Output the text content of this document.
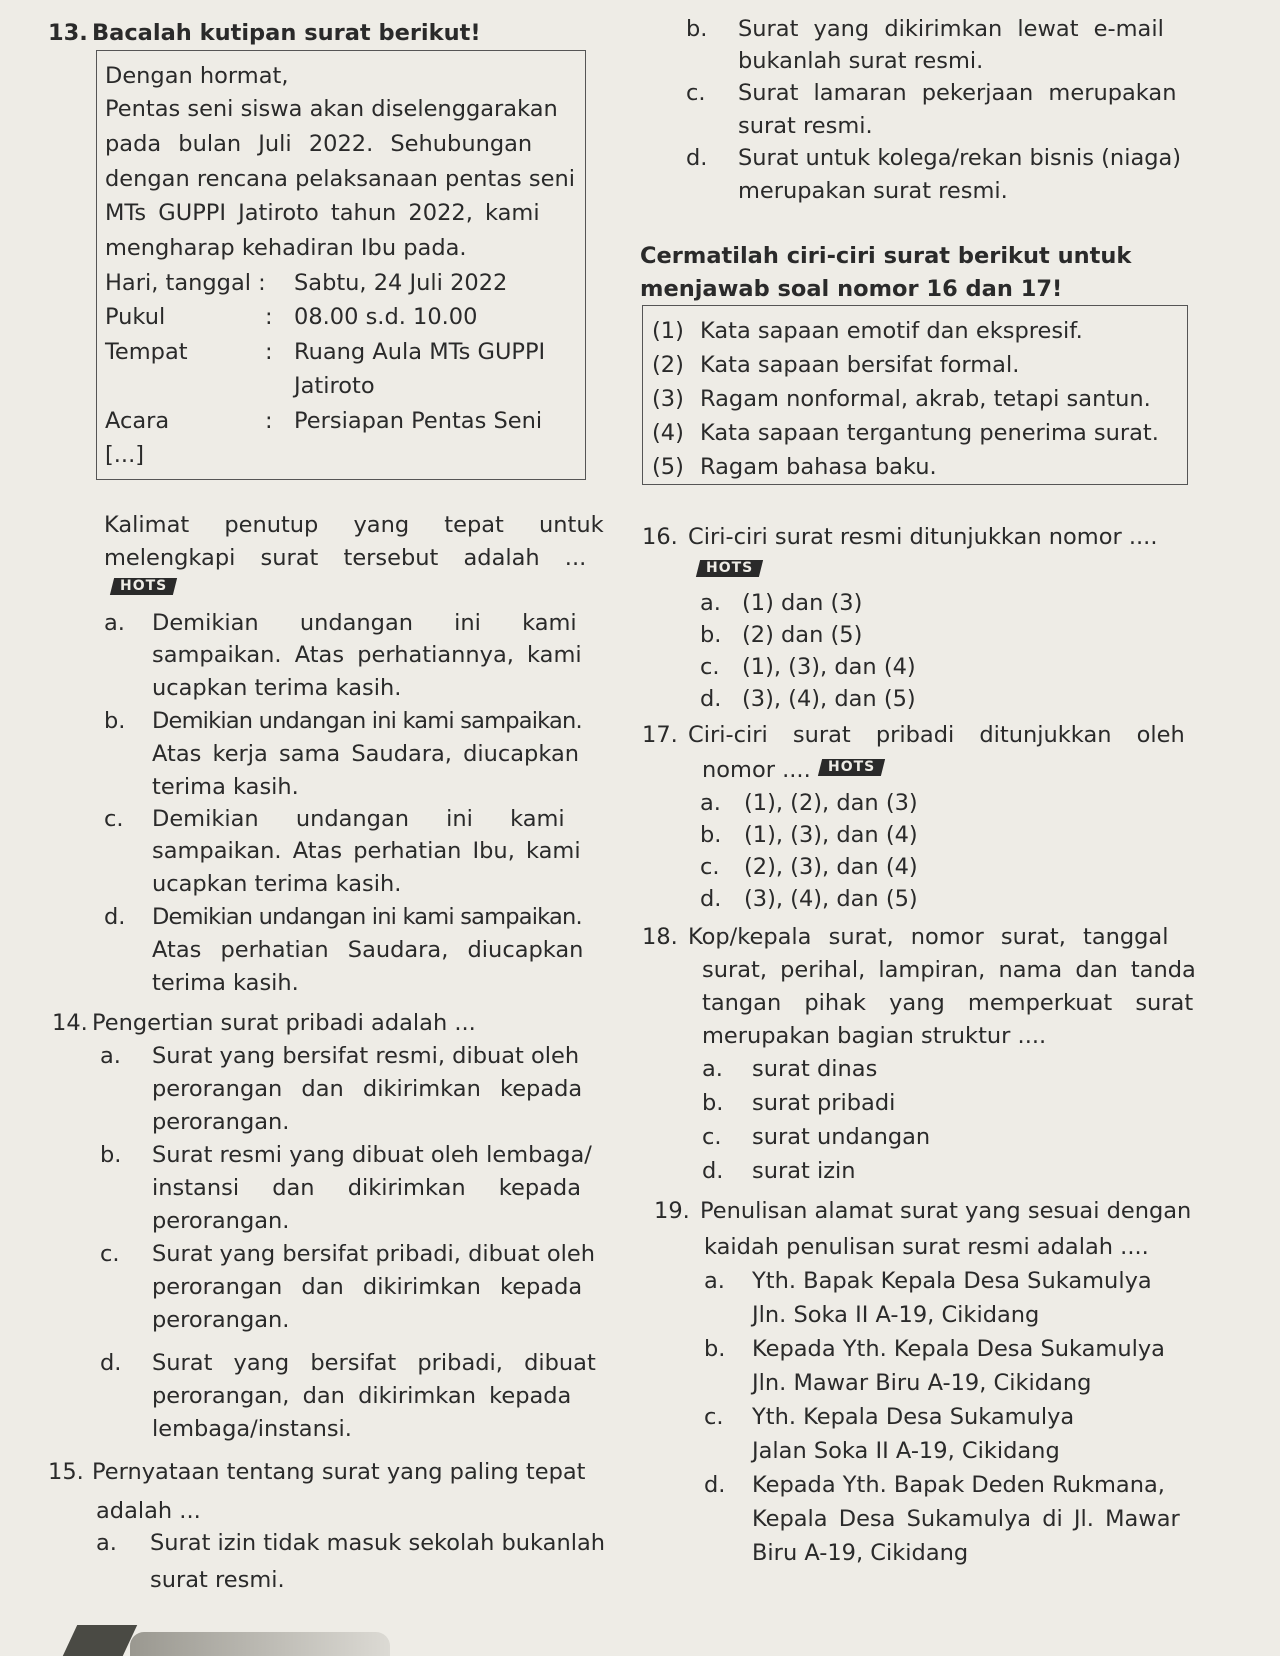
13. Bacalah kutipan surat berikut!
Dengan hormat,
Pentas seni siswa akan diselenggarakan
pada bulan Juli 2022. Sehubungan
dengan rencana pelaksanaan pentas seni
MTs GUPPI Jatiroto tahun 2022, kami
mengharap kehadiran Ibu pada.
Hari, tanggal : Sabtu, 24 Juli 2022
Pukul	: 08.00 s.d. 10.00
Tempat	: Ruang Aula MTs GUPPI
Jatiroto
Acara	: Persiapan Pentas Seni
[...]
Kalimat penutup yang tepat untuk
melengkapi surat tersebut adalah ...
HOTS
a. Demikian undangan ini kami
sampaikan. Atas perhatiannya, kami
ucapkan terima kasih.
b. Demikian undangan ini kami sampaikan.
Atas kerja sama Saudara, diucapkan
terima kasih.
c. Demikian undangan ini kami
sampaikan. Atas perhatian Ibu, kami
ucapkan terima kasih.
d. Demikian undangan ini kami sampaikan.
Atas perhatian Saudara, diucapkan
terima kasih.
14. Pengertian surat pribadi adalah ...
a. Surat yang bersifat resmi, dibuat oleh
perorangan dan dikirimkan kepada
perorangan.
b. Surat resmi yang dibuat oleh lembaga/
instansi dan dikirimkan kepada
perorangan.
c. Surat yang bersifat pribadi, dibuat oleh
perorangan dan dikirimkan kepada
perorangan.
d. Surat yang bersifat pribadi, dibuat
perorangan, dan dikirimkan kepada
lembaga/instansi.
15. Pernyataan tentang surat yang paling tepat
adalah ...
a. Surat izin tidak masuk sekolah bukanlah
surat resmi.
b. Surat yang dikirimkan lewat e-mail
bukanlah surat resmi.
c. Surat lamaran pekerjaan merupakan
surat resmi.
d. Surat untuk kolega/rekan bisnis (niaga)
merupakan surat resmi.
Cermatilah ciri-ciri surat berikut untuk
menjawab soal nomor 16 dan 17!
(1) Kata sapaan emotif dan ekspresif.
(2) Kata sapaan bersifat formal.
(3) Ragam nonformal, akrab, tetapi santun.
(4) Kata sapaan tergantung penerima surat.
(5) Ragam bahasa baku.
16. Ciri-ciri surat resmi ditunjukkan nomor ....
HOTS
a. (1) dan (3)
b. (2) dan (5)
c. (1), (3), dan (4)
d. (3), (4), dan (5)
17. Ciri-ciri surat pribadi ditunjukkan oleh
nomor ....	HOTS
a. (1), (2), dan (3)
b. (1), (3), dan (4)
c. (2), (3), dan (4)
d. (3), (4), dan (5)
18. Kop/kepala surat, nomor surat, tanggal
surat, perihal, lampiran, nama dan tanda
tangan pihak yang memperkuat surat
merupakan bagian struktur ....
a. surat dinas
b. surat pribadi
c. surat undangan
d. surat izin
19. Penulisan alamat surat yang sesuai dengan
kaidah penulisan surat resmi adalah ....
a. Yth. Bapak Kepala Desa Sukamulya
Jln. Soka II A-19, Cikidang
b. Kepada Yth. Kepala Desa Sukamulya
Jln. Mawar Biru A-19, Cikidang
c. Yth. Kepala Desa Sukamulya
Jalan Soka II A-19, Cikidang
d. Kepada Yth. Bapak Deden Rukmana,
Kepala Desa Sukamulya di Jl. Mawar
Biru A-19, Cikidang
